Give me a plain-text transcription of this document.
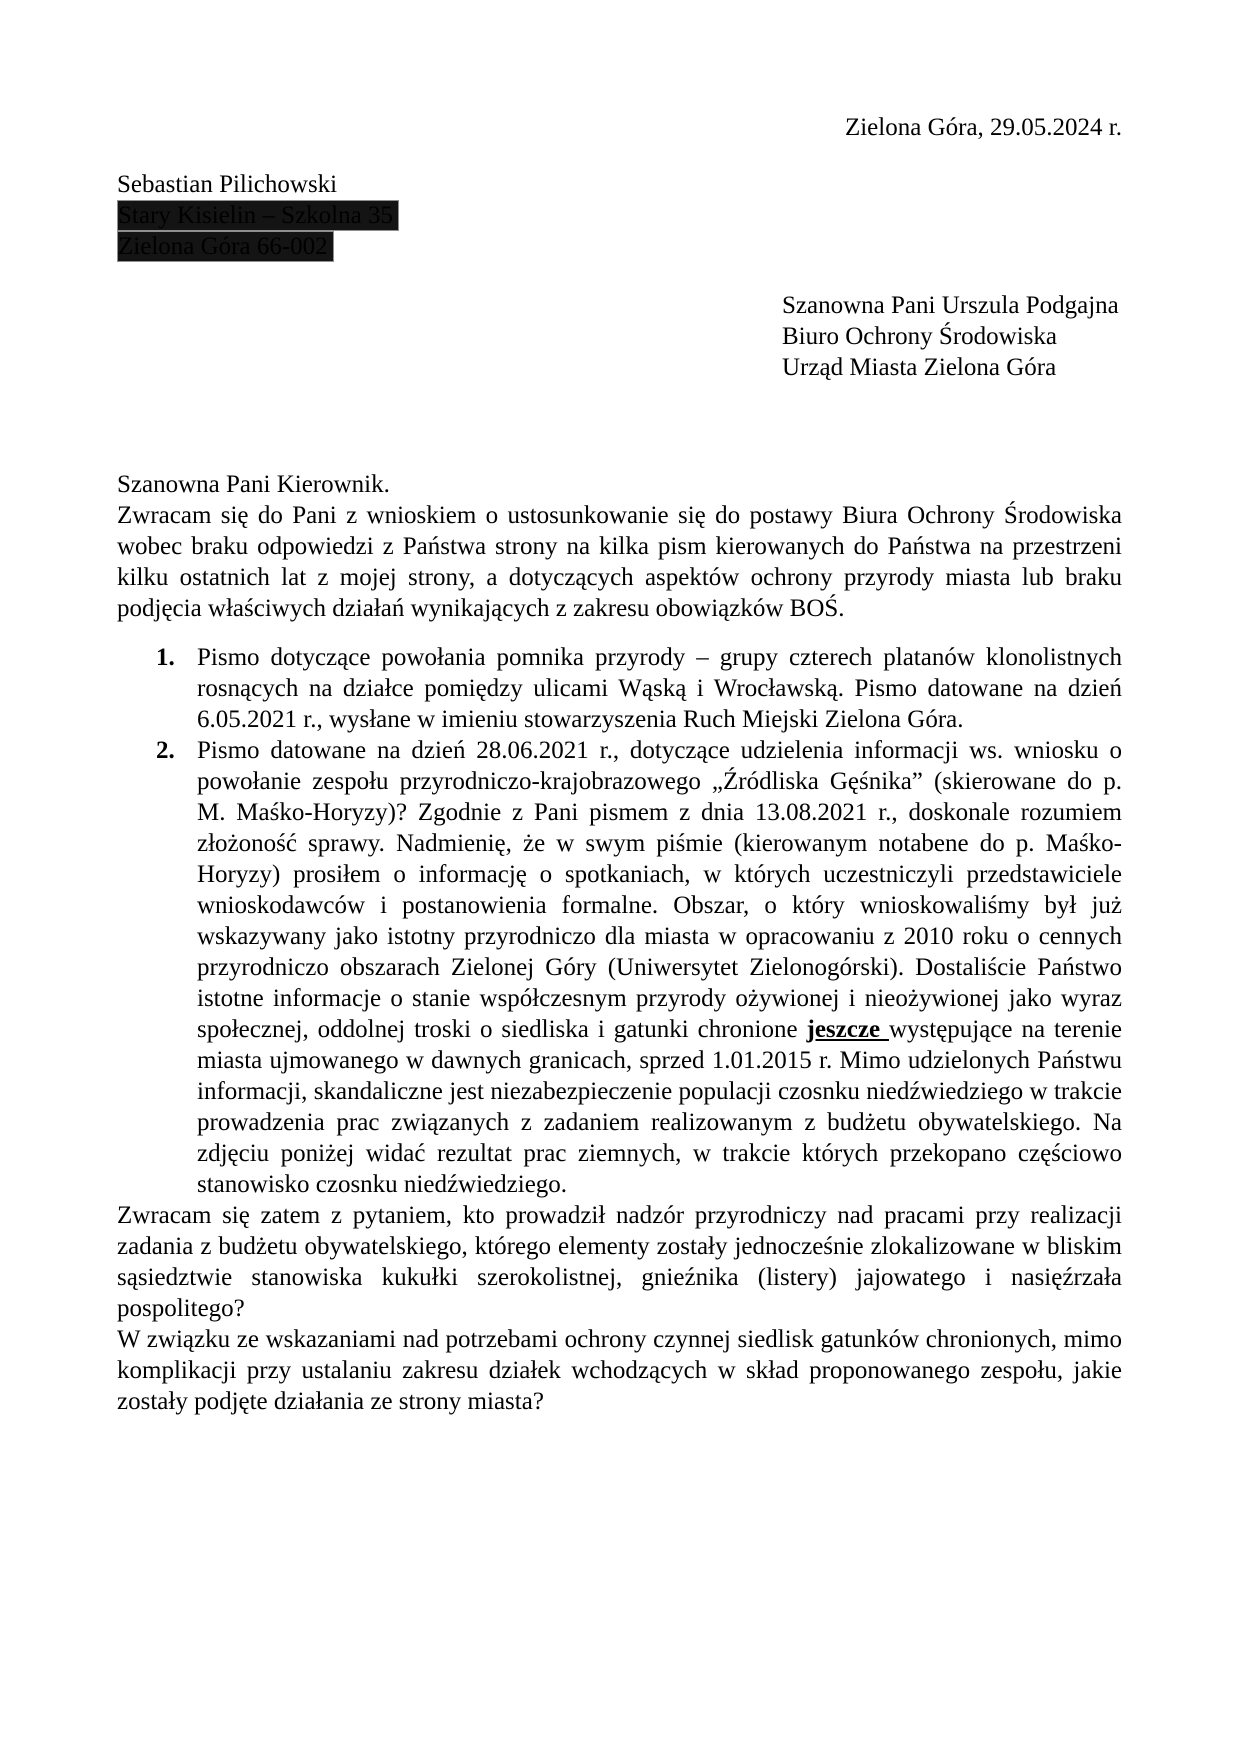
Zielona Góra, 29.05.2024 r.
Sebastian Pilichowski
Stary Kisielin – Szkolna 35
Zielona Góra 66-002
Szanowna Pani Urszula Podgajna
Biuro Ochrony Środowiska
Urząd Miasta Zielona Góra

Szanowna Pani Kierownik.

Zwracam się do Pani z wnioskiem o ustosunkowanie się do postawy Biura Ochrony Środowiska wobec braku odpowiedzi z Państwa strony na kilka pism kierowanych do Państwa na przestrzeni kilku ostatnich lat z mojej strony, a dotyczących aspektów ochrony przyrody miasta lub braku podjęcia właściwych działań wynikających z zakresu obowiązków BOŚ.

1. Pismo dotyczące powołania pomnika przyrody – grupy czterech platanów klonolistnych rosnących na działce pomiędzy ulicami Wąską i Wrocławską. Pismo datowane na dzień 6.05.2021 r., wysłane w imieniu stowarzyszenia Ruch Miejski Zielona Góra.
2. Pismo datowane na dzień 28.06.2021 r., dotyczące udzielenia informacji ws. wniosku o powołanie zespołu przyrodniczo-krajobrazowego „Źródliska Gęśnika” (skierowane do p. M. Maśko-Horyzy)? Zgodnie z Pani pismem z dnia 13.08.2021 r., doskonale rozumiem złożoność sprawy. Nadmienię, że w swym piśmie (kierowanym notabene do p. Maśko-Horyzy) prosiłem o informację o spotkaniach, w których uczestniczyli przedstawiciele wnioskodawców i postanowienia formalne. Obszar, o który wnioskowaliśmy był już wskazywany jako istotny przyrodniczo dla miasta w opracowaniu z 2010 roku o cennych przyrodniczo obszarach Zielonej Góry (Uniwersytet Zielonogórski). Dostaliście Państwo istotne informacje o stanie współczesnym przyrody ożywionej i nieożywionej jako wyraz społecznej, oddolnej troski o siedliska i gatunki chronione jeszcze występujące na terenie miasta ujmowanego w dawnych granicach, sprzed 1.01.2015 r. Mimo udzielonych Państwu informacji, skandaliczne jest niezabezpieczenie populacji czosnku niedźwiedziego w trakcie prowadzenia prac związanych z zadaniem realizowanym z budżetu obywatelskiego. Na zdjęciu poniżej widać rezultat prac ziemnych, w trakcie których przekopano częściowo stanowisko czosnku niedźwiedziego.

Zwracam się zatem z pytaniem, kto prowadził nadzór przyrodniczy nad pracami przy realizacji zadania z budżetu obywatelskiego, którego elementy zostały jednocześnie zlokalizowane w bliskim sąsiedztwie stanowiska kukułki szerokolistnej, gnieźnika (listery) jajowatego i nasięźrzała pospolitego?

W związku ze wskazaniami nad potrzebami ochrony czynnej siedlisk gatunków chronionych, mimo komplikacji przy ustalaniu zakresu działek wchodzących w skład proponowanego zespołu, jakie zostały podjęte działania ze strony miasta?
